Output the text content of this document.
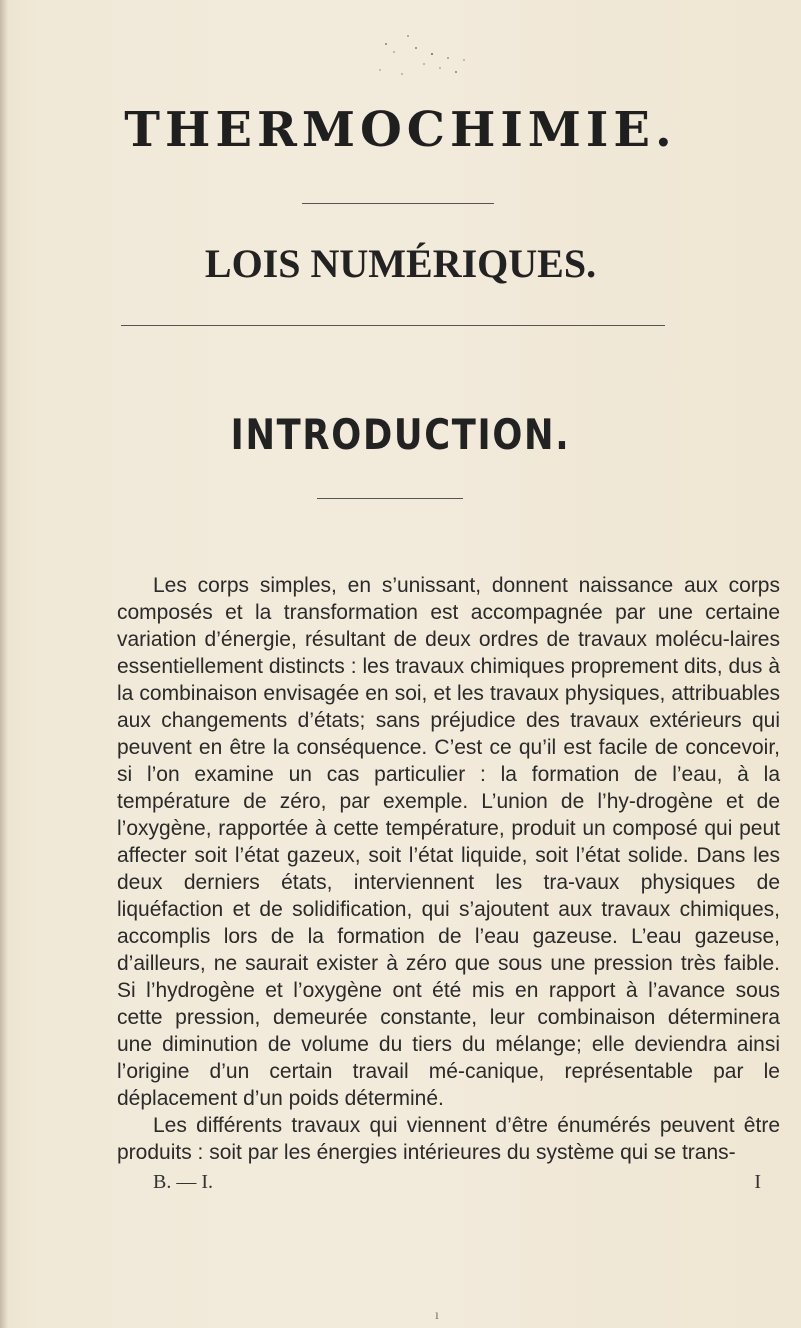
THERMOCHIMIE.
LOIS NUMÉRIQUES.
INTRODUCTION.

Les corps simples, en s’unissant, donnent naissance aux corps composés et la transformation est accompagnée par une certaine variation d’énergie, résultant de deux ordres de travaux molécu-laires essentiellement distincts : les travaux chimiques proprement dits, dus à la combinaison envisagée en soi, et les travaux physiques, attribuables aux changements d’états; sans préjudice des travaux extérieurs qui peuvent en être la conséquence. C’est ce qu’il est facile de concevoir, si l’on examine un cas particulier : la formation de l’eau, à la température de zéro, par exemple. L’union de l’hy-drogène et de l’oxygène, rapportée à cette température, produit un composé qui peut affecter soit l’état gazeux, soit l’état liquide, soit l’état solide. Dans les deux derniers états, interviennent les tra-vaux physiques de liquéfaction et de solidification, qui s’ajoutent aux travaux chimiques, accomplis lors de la formation de l’eau gazeuse. L’eau gazeuse, d’ailleurs, ne saurait exister à zéro que sous une pression très faible. Si l’hydrogène et l’oxygène ont été mis en rapport à l’avance sous cette pression, demeurée constante, leur combinaison déterminera une diminution de volume du tiers du mélange; elle deviendra ainsi l’origine d’un certain travail mé-canique, représentable par le déplacement d’un poids déterminé.

Les différents travaux qui viennent d’être énumérés peuvent être produits : soit par les énergies intérieures du système qui se trans-

B. — I.	I
ı
